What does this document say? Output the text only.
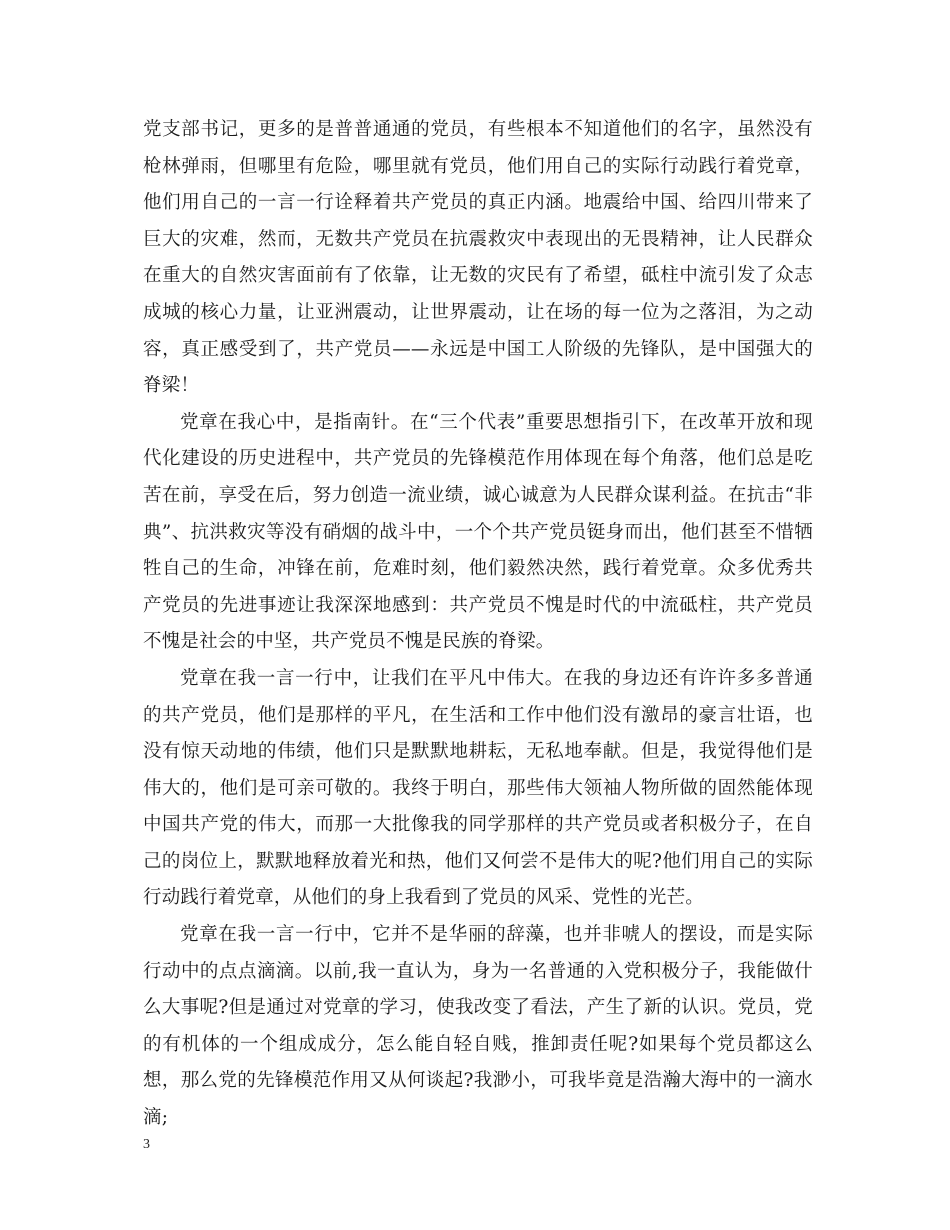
党支部书记，更多的是普普通通的党员，有些根本不知道他们的名字，虽然没有枪林弹雨，但哪里有危险，哪里就有党员，他们用自己的实际行动践行着党章，他们用自己的一言一行诠释着共产党员的真正内涵。地震给中国、给四川带来了巨大的灾难，然而，无数共产党员在抗震救灾中表现出的无畏精神，让人民群众在重大的自然灾害面前有了依靠，让无数的灾民有了希望，砥柱中流引发了众志成城的核心力量，让亚洲震动，让世界震动，让在场的每一位为之落泪，为之动容，真正感受到了，共产党员——永远是中国工人阶级的先锋队，是中国强大的脊梁！

党章在我心中，是指南针。在“三个代表”重要思想指引下，在改革开放和现代化建设的历史进程中，共产党员的先锋模范作用体现在每个角落，他们总是吃苦在前，享受在后，努力创造一流业绩，诚心诚意为人民群众谋利益。在抗击“非典”、抗洪救灾等没有硝烟的战斗中，一个个共产党员铤身而出，他们甚至不惜牺牲自己的生命，冲锋在前，危难时刻，他们毅然决然，践行着党章。众多优秀共产党员的先进事迹让我深深地感到：共产党员不愧是时代的中流砥柱，共产党员不愧是社会的中坚，共产党员不愧是民族的脊梁。

党章在我一言一行中，让我们在平凡中伟大。在我的身边还有许许多多普通的共产党员，他们是那样的平凡，在生活和工作中他们没有激昂的豪言壮语，也没有惊天动地的伟绩，他们只是默默地耕耘，无私地奉献。但是，我觉得他们是伟大的，他们是可亲可敬的。我终于明白，那些伟大领袖人物所做的固然能体现中国共产党的伟大，而那一大批像我的同学那样的共产党员或者积极分子，在自己的岗位上，默默地释放着光和热，他们又何尝不是伟大的呢?他们用自己的实际行动践行着党章，从他们的身上我看到了党员的风采、党性的光芒。

党章在我一言一行中，它并不是华丽的辞藻，也并非唬人的摆设，而是实际行动中的点点滴滴。以前,我一直认为，身为一名普通的入党积极分子，我能做什么大事呢?但是通过对党章的学习，使我改变了看法，产生了新的认识。党员，党的有机体的一个组成成分，怎么能自轻自贱，推卸责任呢?如果每个党员都这么想，那么党的先锋模范作用又从何谈起?我渺小，可我毕竟是浩瀚大海中的一滴水滴;

3
